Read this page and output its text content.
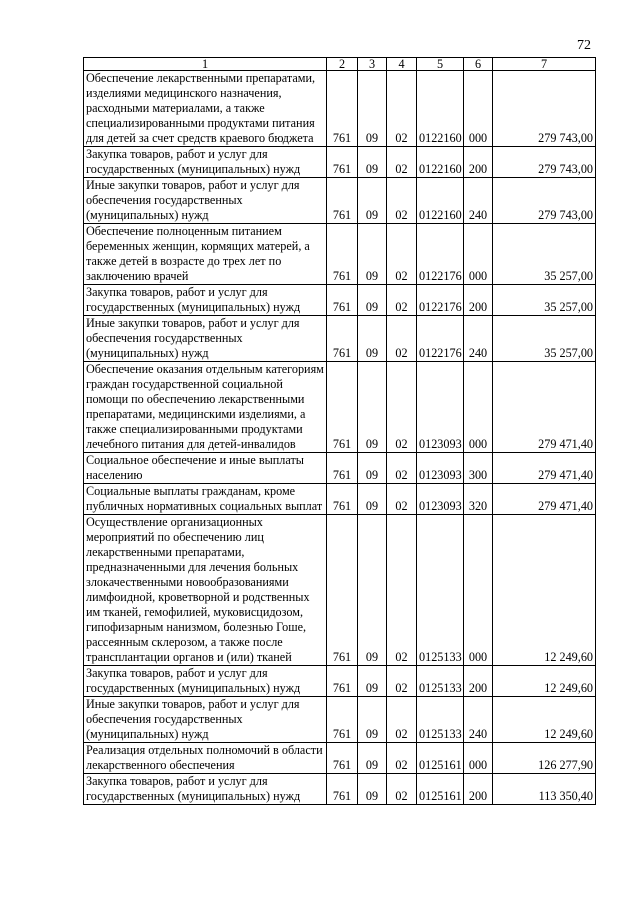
72
1	2	3	4	5	6	7
Обеспечение лекарственными препаратами, изделиями медицинского назначения, расходными материалами, а также специализированными продуктами питания для детей за счет средств краевого бюджета	761	09	02	0122160	000	279 743,00
Закупка товаров, работ и услуг для государственных (муниципальных) нужд	761	09	02	0122160	200	279 743,00
Иные закупки товаров, работ и услуг для обеспечения государственных (муниципальных) нужд	761	09	02	0122160	240	279 743,00
Обеспечение полноценным питанием беременных женщин, кормящих матерей, а также детей в возрасте до трех лет по заключению врачей	761	09	02	0122176	000	35 257,00
Закупка товаров, работ и услуг для государственных (муниципальных) нужд	761	09	02	0122176	200	35 257,00
Иные закупки товаров, работ и услуг для обеспечения государственных (муниципальных) нужд	761	09	02	0122176	240	35 257,00
Обеспечение оказания отдельным категориям граждан государственной социальной помощи по обеспечению лекарственными препаратами, медицинскими изделиями, а также специализированными продуктами лечебного питания для детей-инвалидов	761	09	02	0123093	000	279 471,40
Социальное обеспечение и иные выплаты населению	761	09	02	0123093	300	279 471,40
Социальные выплаты гражданам, кроме публичных нормативных социальных выплат	761	09	02	0123093	320	279 471,40
Осуществление организационных мероприятий по обеспечению лиц лекарственными препаратами, предназначенными для лечения больных злокачественными новообразованиями лимфоидной, кроветворной и родственных им тканей, гемофилией, муковисцидозом, гипофизарным нанизмом, болезнью Гоше, рассеянным склерозом, а также после трансплантации органов и (или) тканей	761	09	02	0125133	000	12 249,60
Закупка товаров, работ и услуг для государственных (муниципальных) нужд	761	09	02	0125133	200	12 249,60
Иные закупки товаров, работ и услуг для обеспечения государственных (муниципальных) нужд	761	09	02	0125133	240	12 249,60
Реализация отдельных полномочий в области лекарственного обеспечения	761	09	02	0125161	000	126 277,90
Закупка товаров, работ и услуг для государственных (муниципальных) нужд	761	09	02	0125161	200	113 350,40
